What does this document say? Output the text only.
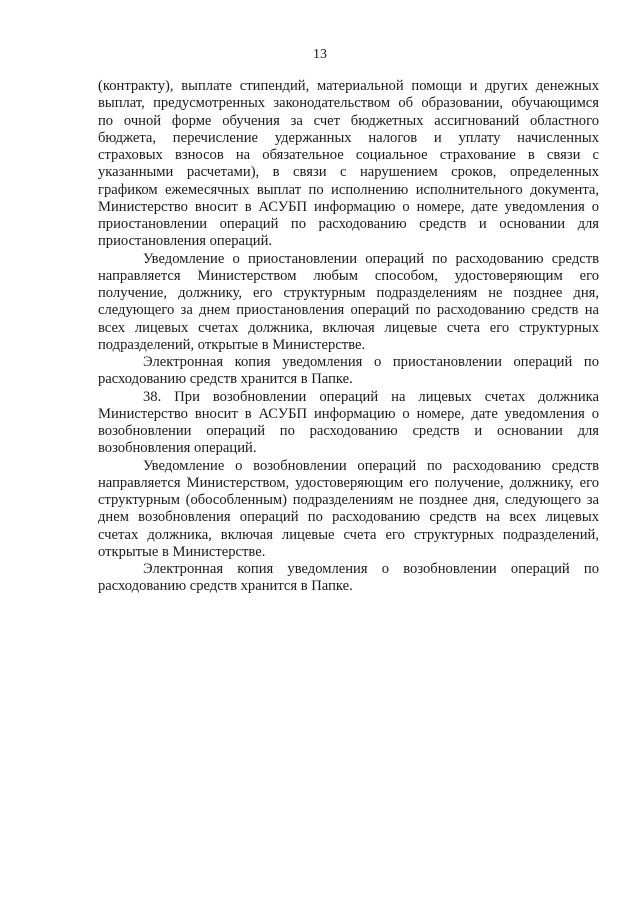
13
(контракту), выплате стипендий, материальной помощи и других денежных
выплат, предусмотренных законодательством об образовании, обучающимся
по очной форме обучения за счет бюджетных ассигнований областного
бюджета, перечисление удержанных налогов и уплату начисленных
страховых взносов на обязательное социальное страхование в связи с
указанными расчетами), в связи с нарушением сроков, определенных
графиком ежемесячных выплат по исполнению исполнительного документа,
Министерство вносит в АСУБП информацию о номере, дате уведомления о
приостановлении операций по расходованию средств и основании для
приостановления операций.
Уведомление о приостановлении операций по расходованию средств
направляется Министерством любым способом, удостоверяющим его
получение, должнику, его структурным подразделениям не позднее дня,
следующего за днем приостановления операций по расходованию средств на
всех лицевых счетах должника, включая лицевые счета его структурных
подразделений, открытые в Министерстве.
Электронная копия уведомления о приостановлении операций по
расходованию средств хранится в Папке.
38. При возобновлении операций на лицевых счетах должника
Министерство вносит в АСУБП информацию о номере, дате уведомления о
возобновлении операций по расходованию средств и основании для
возобновления операций.
Уведомление о возобновлении операций по расходованию средств
направляется Министерством, удостоверяющим его получение, должнику, его
структурным (обособленным) подразделениям не позднее дня, следующего за
днем возобновления операций по расходованию средств на всех лицевых
счетах должника, включая лицевые счета его структурных подразделений,
открытые в Министерстве.
Электронная копия уведомления о возобновлении операций по
расходованию средств хранится в Папке.
